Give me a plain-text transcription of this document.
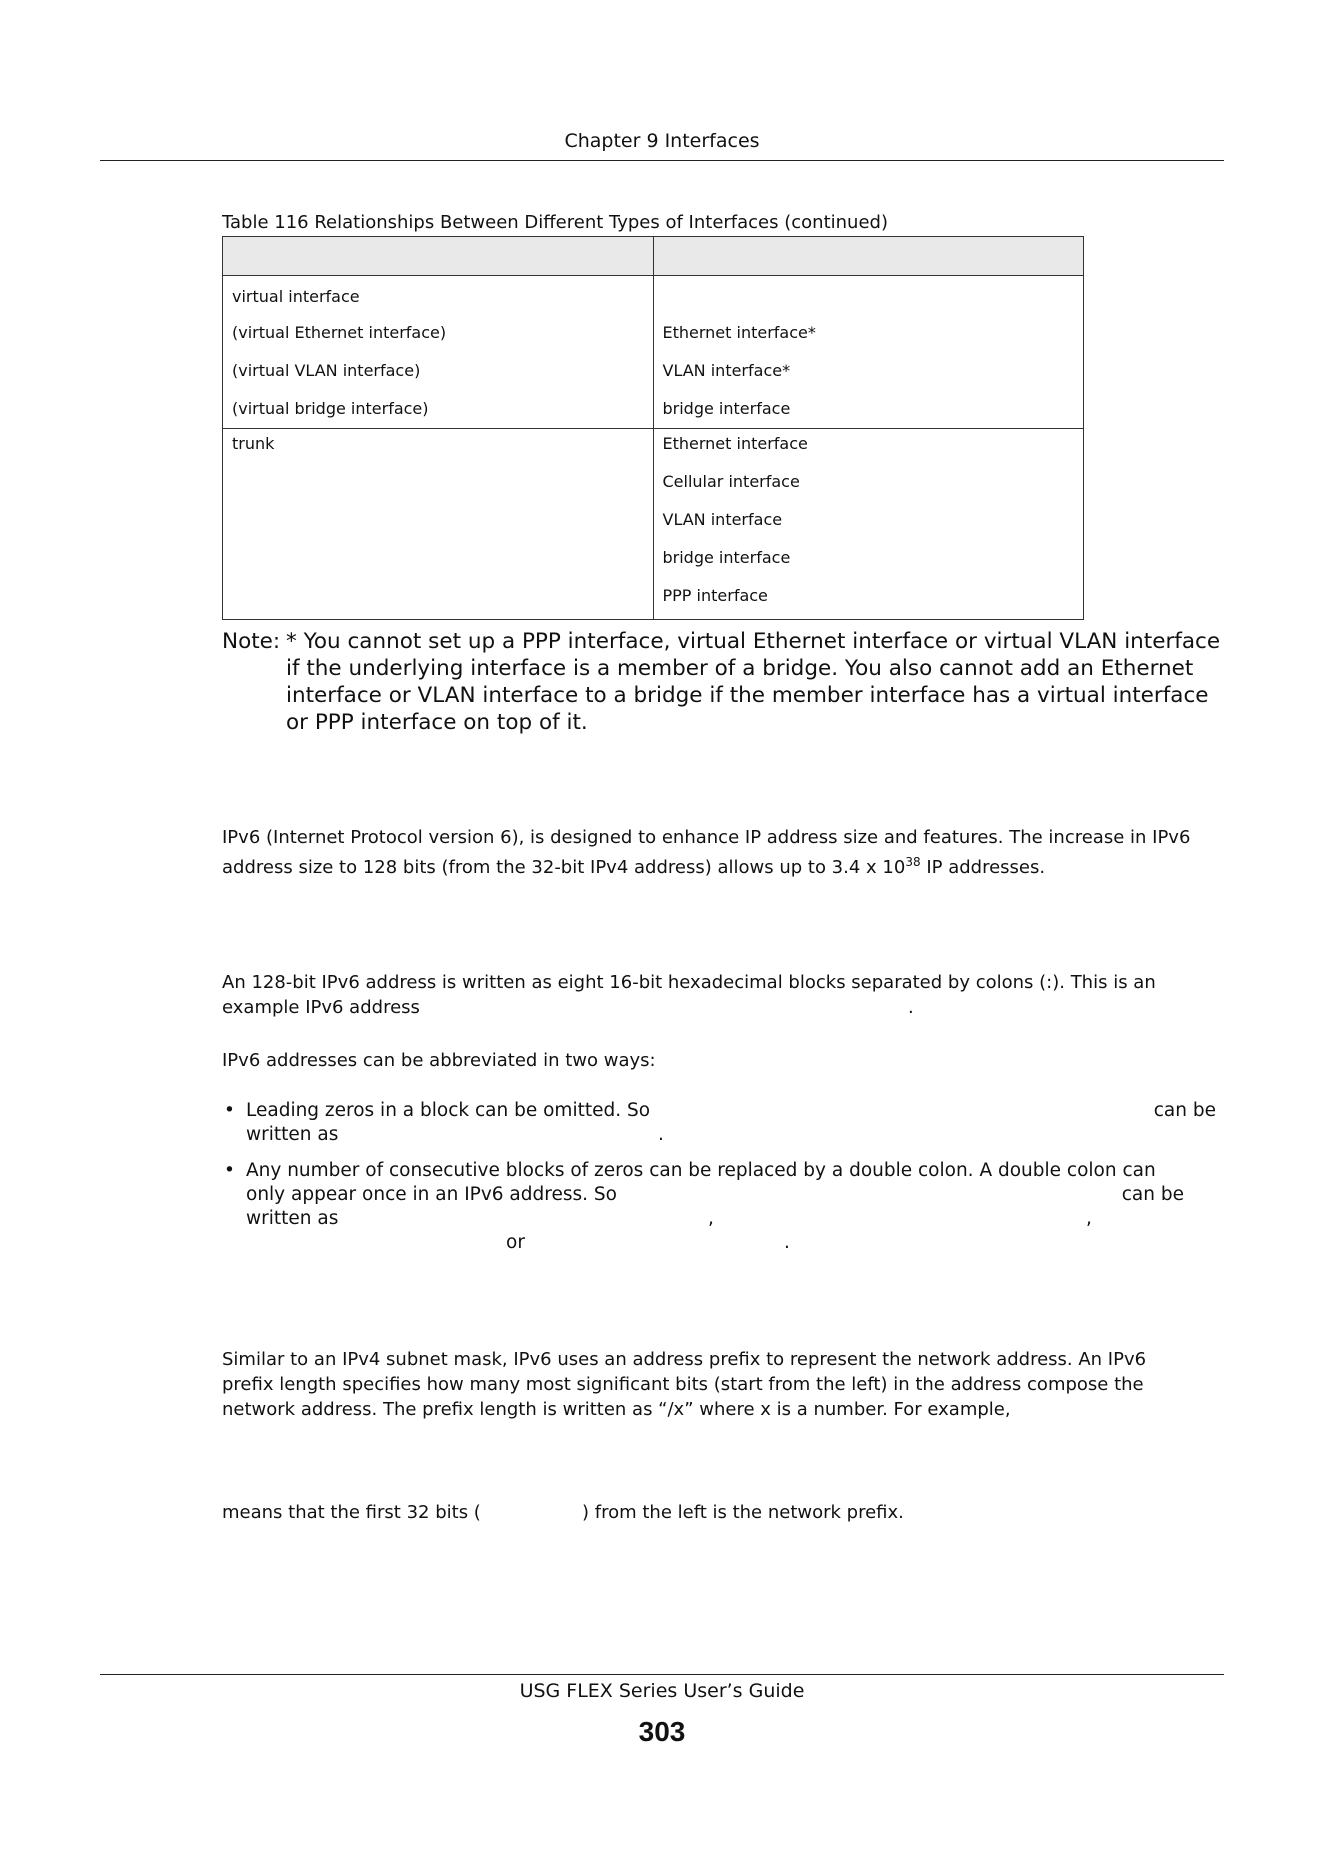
Chapter 9 Interfaces
Table 116 Relationships Between Different Types of Interfaces (continued)

virtual interface	
(virtual Ethernet interface)	Ethernet interface*
(virtual VLAN interface)	VLAN interface*
(virtual bridge interface)	bridge interface
trunk	Ethernet interface
	Cellular interface
	VLAN interface
	bridge interface
	PPP interface
Note: * You cannot set up a PPP interface, virtual Ethernet interface or virtual VLAN interface if the underlying interface is a member of a bridge. You also cannot add an Ethernet interface or VLAN interface to a bridge if the member interface has a virtual interface or PPP interface on top of it.
IPv6 (Internet Protocol version 6), is designed to enhance IP address size and features. The increase in IPv6 address size to 128 bits (from the 32-bit IPv4 address) allows up to 3.4 x $10^{38}$ IP addresses.
An 128-bit IPv6 address is written as eight 16-bit hexadecimal blocks separated by colons (:). This is an
example IPv6 address	.
IPv6 addresses can be abbreviated in two ways:
• Leading zeros in a block can be omitted. So	can be
written as	.
• Any number of consecutive blocks of zeros can be replaced by a double colon. A double colon can
only appear once in an IPv6 address. So	can be
written as	,	,
or	.
Similar to an IPv4 subnet mask, IPv6 uses an address prefix to represent the network address. An IPv6
prefix length specifies how many most significant bits (start from the left) in the address compose the
network address. The prefix length is written as “/x” where x is a number. For example,
means that the first 32 bits (	) from the left is the network prefix.
USG FLEX Series User’s Guide
303
